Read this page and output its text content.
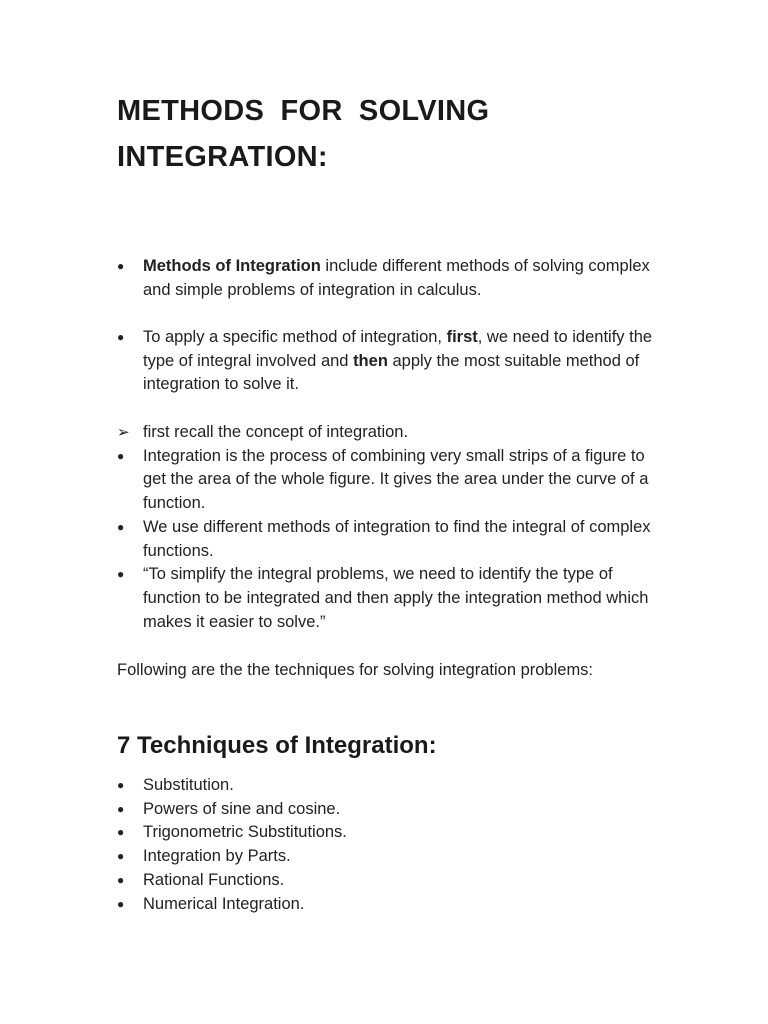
METHODS FOR SOLVING
INTEGRATION:
●	Methods of Integration include different methods of solving complex and simple problems of integration in calculus.
●	To apply a specific method of integration, first, we need to identify the type of integral involved and then apply the most suitable method of integration to solve it.
➢ first recall the concept of integration.
●	Integration is the process of combining very small strips of a figure to get the area of the whole figure. It gives the area under the curve of a function.
●	We use different methods of integration to find the integral of complex functions.
●	“To simplify the integral problems, we need to identify the type of function to be integrated and then apply the integration method which makes it easier to solve.”

Following are the the techniques for solving integration problems:

7 Techniques of Integration:
●	Substitution.
●	Powers of sine and cosine.
●	Trigonometric Substitutions.
●	Integration by Parts.
●	Rational Functions.
●	Numerical Integration.
